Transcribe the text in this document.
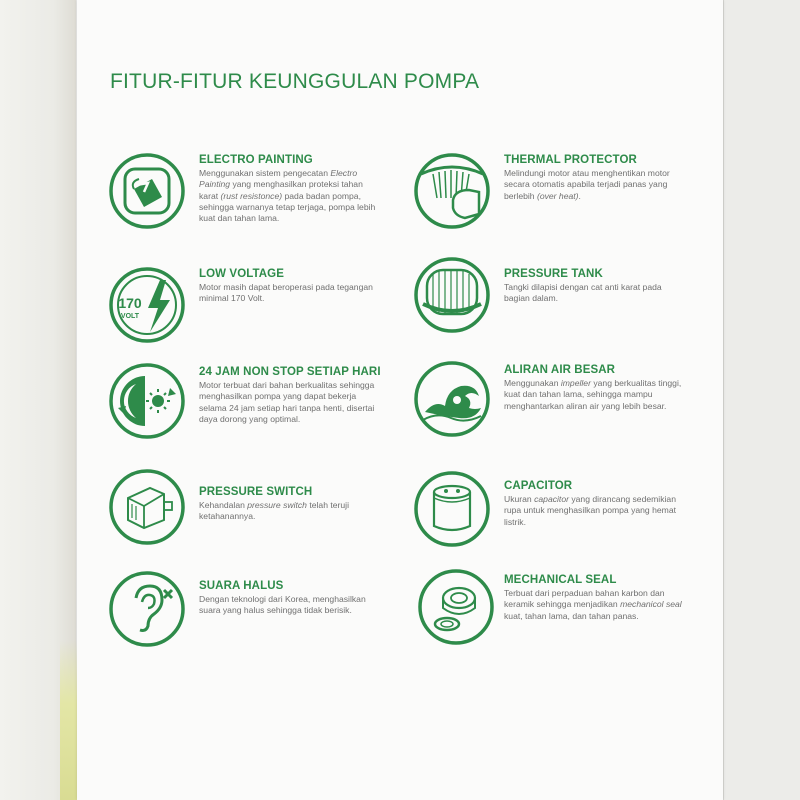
FITUR-FITUR KEUNGGULAN POMPA
ELECTRO PAINTING
Menggunakan sistem pengecatan Electro Painting yang menghasilkan proteksi tahan karat (rust resistonce) pada badan pompa, sehingga warnanya tetap terjaga, pompa lebih kuat dan tahan lama.
THERMAL PROTECTOR
Melindungi motor atau menghentikan motor secara otomatis apabila terjadi panas yang berlebih (over heat).
170
VOLT
LOW VOLTAGE
Motor masih dapat beroperasi pada tegangan minimal 170 Volt.
PRESSURE TANK
Tangki dilapisi dengan cat anti karat pada bagian dalam.
24 JAM NON STOP SETIAP HARI
Motor terbuat dari bahan berkualitas sehingga menghasilkan pompa yang dapat bekerja selama 24 jam setiap hari tanpa henti, disertai daya dorong yang optimal.
ALIRAN AIR BESAR
Menggunakan impeller yang berkualitas tinggi, kuat dan tahan lama, sehingga mampu menghantarkan aliran air yang lebih besar.
PRESSURE SWITCH
Kehandalan pressure switch telah teruji ketahanannya.
CAPACITOR
Ukuran capacitor yang dirancang sedemikian rupa untuk menghasilkan pompa yang hemat listrik.
SUARA HALUS
Dengan teknologi dari Korea, menghasilkan suara yang halus sehingga tidak berisik.
MECHANICAL SEAL
Terbuat dari perpaduan bahan karbon dan keramik sehingga menjadikan mechanicol seal kuat, tahan lama, dan tahan panas.
